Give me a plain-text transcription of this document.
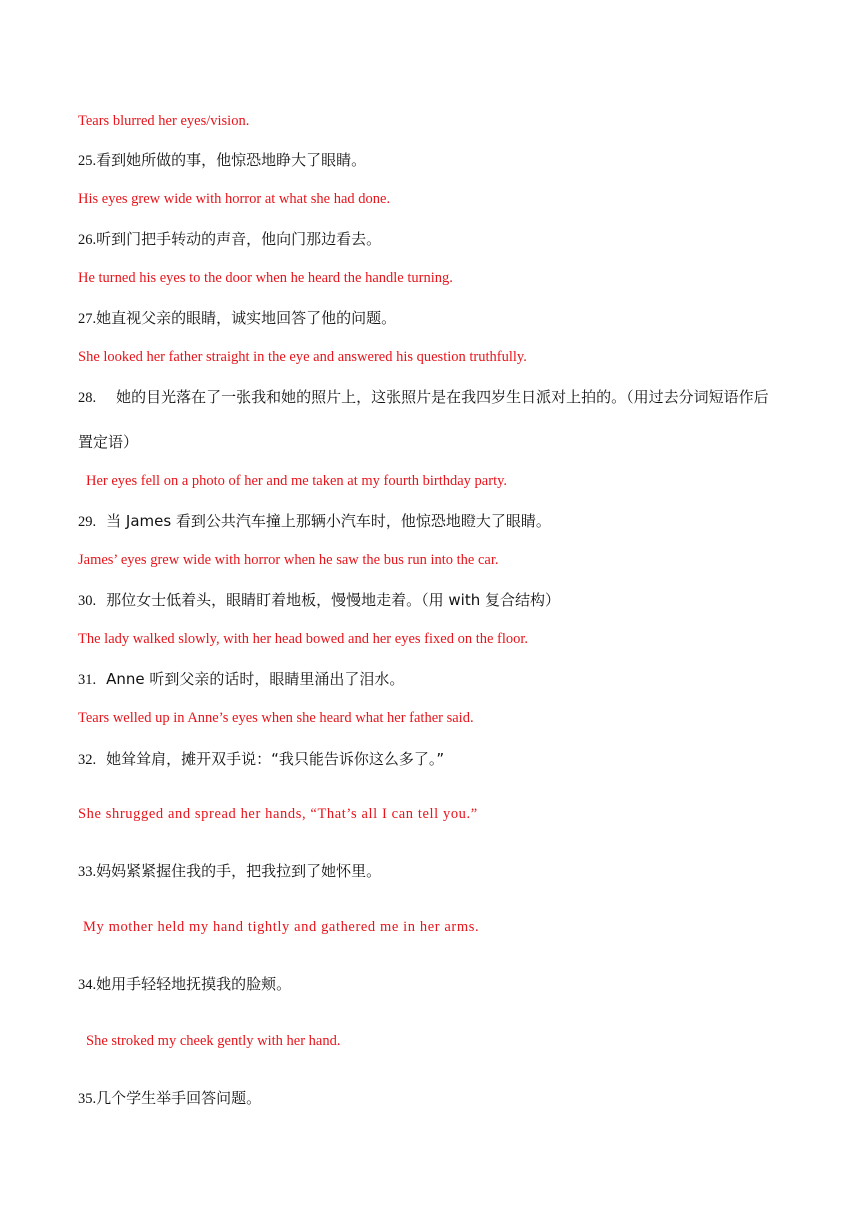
Tears blurred her eyes/vision.
25.看到她所做的事，他惊恐地睁大了眼睛。
His eyes grew wide with horror at what she had done.
26.听到门把手转动的声音，他向门那边看去。
He turned his eyes to the door when he heard the handle turning.
27.她直视父亲的眼睛，诚实地回答了他的问题。
She looked her father straight in the eye and answered his question truthfully.
28. 她的目光落在了一张我和她的照片上，这张照片是在我四岁生日派对上拍的。（用过去分词短语作后
置定语）
Her eyes fell on a photo of her and me taken at my fourth birthday party.
29. 当 James 看到公共汽车撞上那辆小汽车时，他惊恐地瞪大了眼睛。
James’ eyes grew wide with horror when he saw the bus run into the car.
30. 那位女士低着头，眼睛盯着地板，慢慢地走着。（用 with 复合结构）
The lady walked slowly, with her head bowed and her eyes fixed on the floor.
31. Anne 听到父亲的话时，眼睛里涌出了泪水。
Tears welled up in Anne’s eyes when she heard what her father said.
32. 她耸耸肩，摊开双手说：“我只能告诉你这么多了。”
She shrugged and spread her hands, “That’s all I can tell you.”
33.妈妈紧紧握住我的手，把我拉到了她怀里。
My mother held my hand tightly and gathered me in her arms.
34.她用手轻轻地抚摸我的脸颊。
She stroked my cheek gently with her hand.
35.几个学生举手回答问题。
